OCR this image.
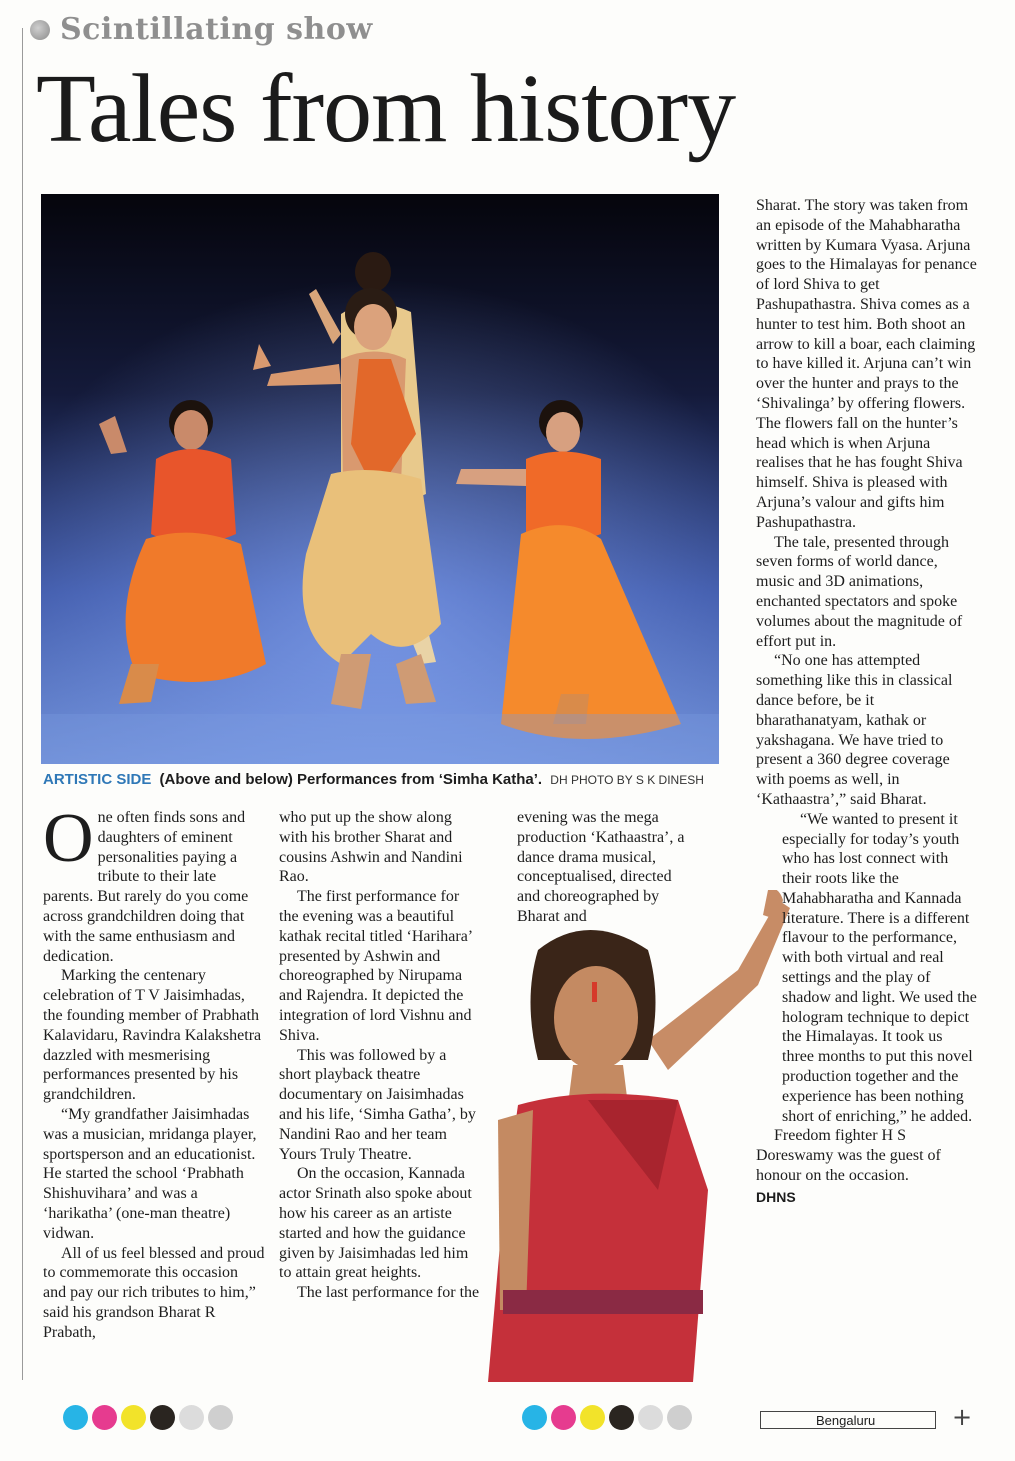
Scintillating show
Tales from history
ARTISTIC SIDE (Above and below) Performances from ‘Simha Katha’. DH PHOTO BY S K DINESH

One often finds sons and daughters of eminent personalities paying a tribute to their late parents. But rarely do you come across grandchildren doing that with the same enthusiasm and dedication.

Marking the centenary celebration of T V Jaisimhadas, the founding member of Prabhath Kalavidaru, Ravindra Kalakshetra dazzled with mesmerising performances presented by his grandchildren.

“My grandfather Jaisimhadas was a musician, mridanga player, sportsperson and an educationist. He started the school ‘Prabhath Shishuvihara’ and was a ‘harikatha’ (one-man theatre) vidwan.

All of us feel blessed and proud to commemorate this occasion and pay our rich tributes to him,” said his grandson Bharat R Prabath,

who put up the show along with his brother Sharat and cousins Ashwin and Nandini Rao.

The first performance for the evening was a beautiful kathak recital titled ‘Harihara’ presented by Ashwin and choreographed by Nirupama and Rajendra. It depicted the integration of lord Vishnu and Shiva.

This was followed by a short playback theatre documentary on Jaisimhadas and his life, ‘Simha Gatha’, by Nandini Rao and her team Yours Truly Theatre.

On the occasion, Kannada actor Srinath also spoke about how his career as an artiste started and how the guidance given by Jaisimhadas led him to attain great heights.

The last performance for the

evening was the mega production ‘Kathaastra’, a dance drama musical, conceptualised, directed and choreographed by Bharat and

Sharat. The story was taken from an episode of the Mahabharatha written by Kumara Vyasa. Arjuna goes to the Himalayas for penance of lord Shiva to get Pashupathastra. Shiva comes as a hunter to test him. Both shoot an arrow to kill a boar, each claiming to have killed it. Arjuna can’t win over the hunter and prays to the ‘Shivalinga’ by offering flowers. The flowers fall on the hunter’s head which is when Arjuna realises that he has fought Shiva himself. Shiva is pleased with Arjuna’s valour and gifts him Pashupathastra.

The tale, presented through seven forms of world dance, music and 3D animations, enchanted spectators and spoke volumes about the magnitude of effort put in.

“No one has attempted something like this in classical dance before, be it bharathanatyam, kathak or yakshagana. We have tried to present a 360 degree coverage with poems as well, in ‘Kathaastra’,” said Bharat.

“We wanted to present it especially for today’s youth who has lost connect with their roots like the Mahabharatha and Kannada literature. There is a different flavour to the performance, with both virtual and real settings and the play of shadow and light. We used the hologram technique to depict the Himalayas. It took us three months to put this novel production together and the experience has been nothing short of enriching,” he added.

Freedom fighter H S Doreswamy was the guest of honour on the occasion.

DHNS
Bengaluru	+
